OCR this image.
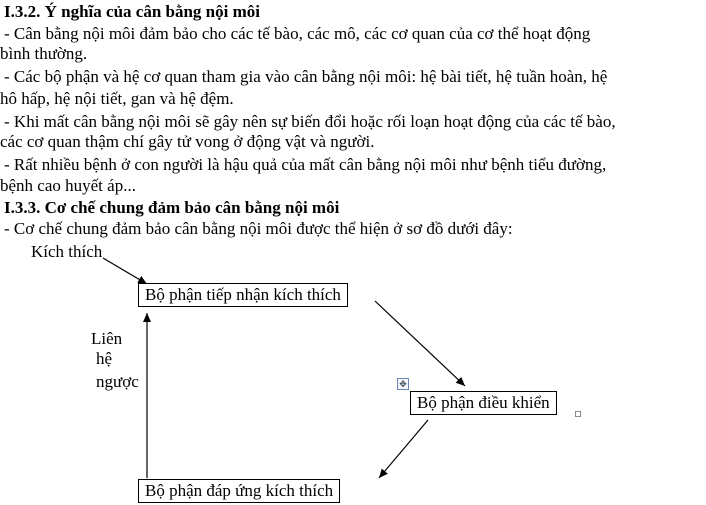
I.3.2. Ý nghĩa của cân bằng nội môi
- Cân bằng nội môi đảm bảo cho các tế bào, các mô, các cơ quan của cơ thể hoạt động
bình thường.
- Các bộ phận và hệ cơ quan tham gia vào cân bằng nội môi: hệ bài tiết, hệ tuần hoàn, hệ
hô hấp, hệ nội tiết, gan và hệ đệm.
- Khi mất cân bằng nội môi sẽ gây nên sự biến đổi hoặc rối loạn hoạt động của các tế bào,
các cơ quan thậm chí gây tử vong ở động vật và người.
- Rất nhiều bệnh ở con người là hậu quả của mất cân bằng nội môi như bệnh tiểu đường,
bệnh cao huyết áp...
I.3.3. Cơ chế chung đảm bảo cân bằng nội môi
- Cơ chế chung đảm bảo cân bằng nội môi được thể hiện ở sơ đồ dưới đây:
Kích thích
Bộ phận tiếp nhận kích thích
Bộ phận điều khiển
Bộ phận đáp ứng kích thích
Liên
hệ
ngược	✥
